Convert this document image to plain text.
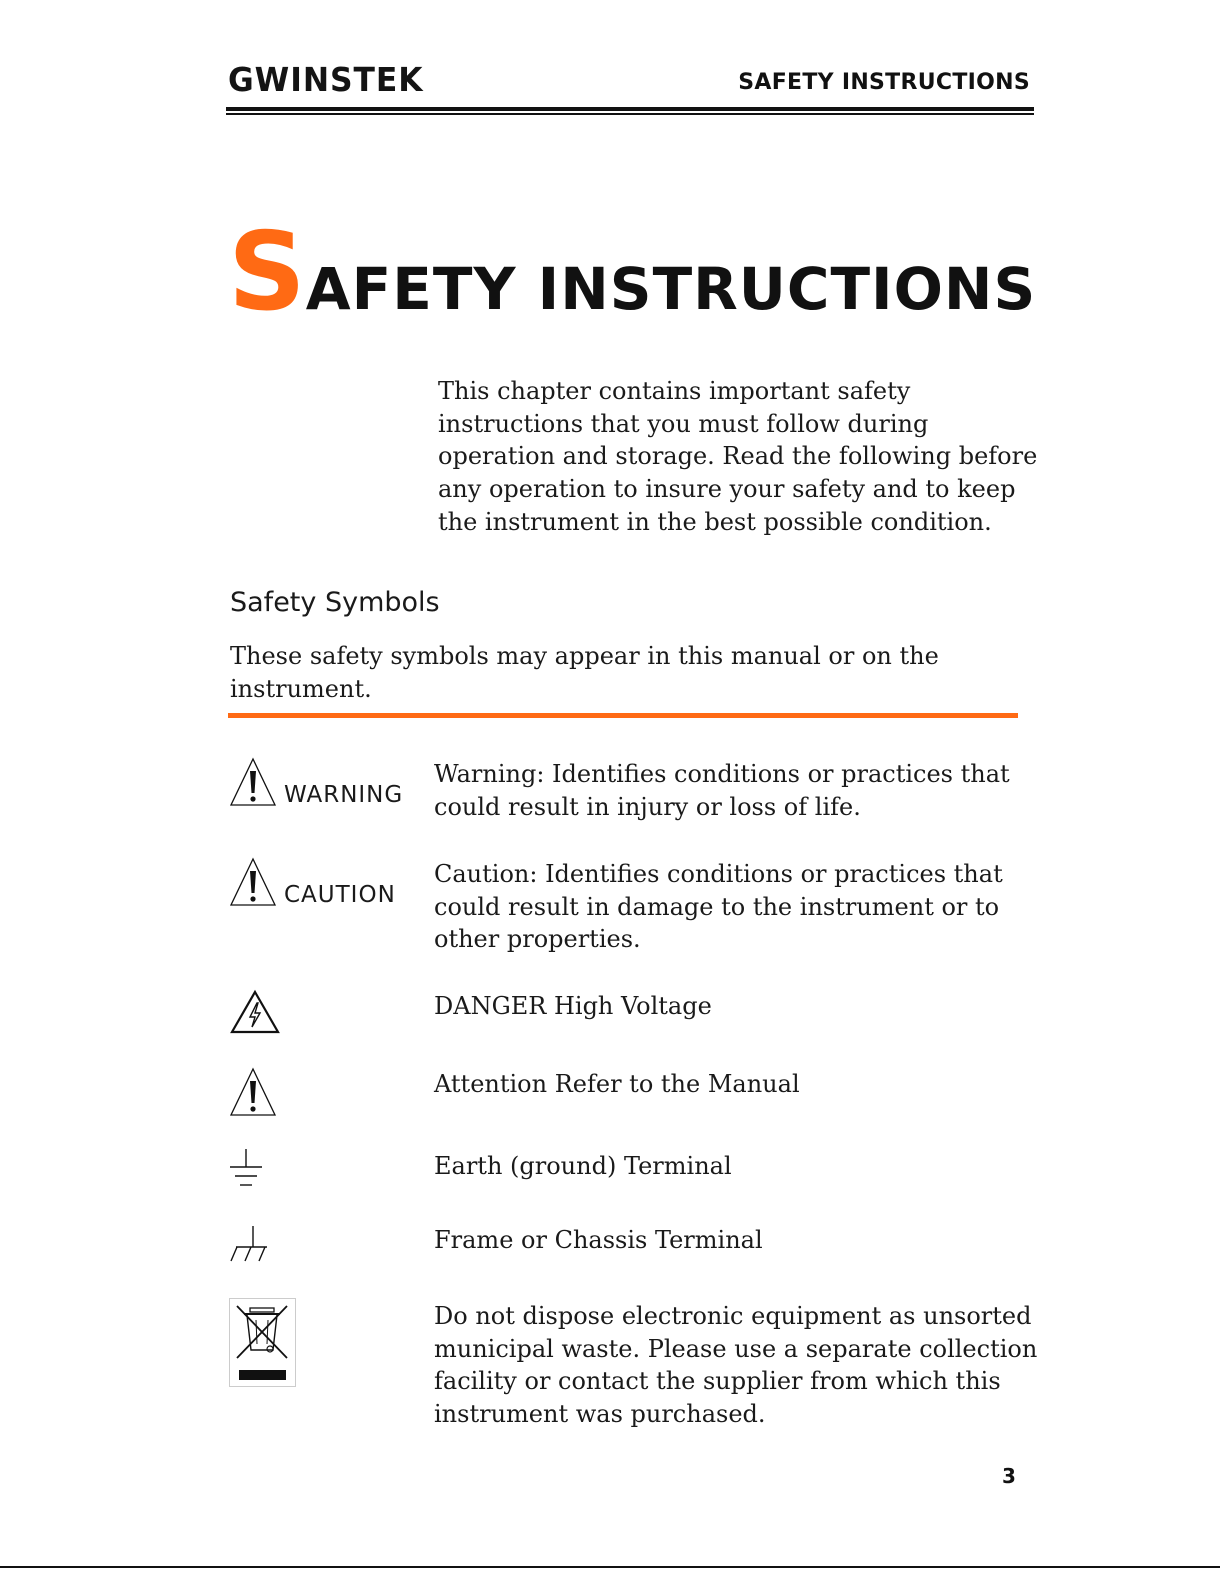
GWINSTEK	SAFETY INSTRUCTIONS
SAFETY INSTRUCTIONS
This chapter contains important safety
instructions that you must follow during
operation and storage. Read the following before
any operation to insure your safety and to keep
the instrument in the best possible condition.
Safety Symbols
These safety symbols may appear in this manual or on the
instrument.
WARNING
Warning: Identifies conditions or practices that
could result in injury or loss of life.
CAUTION
Caution: Identifies conditions or practices that
could result in damage to the instrument or to
other properties.
DANGER High Voltage
Attention Refer to the Manual
Earth (ground) Terminal
Frame or Chassis Terminal
Do not dispose electronic equipment as unsorted
municipal waste. Please use a separate collection
facility or contact the supplier from which this
instrument was purchased.
3
